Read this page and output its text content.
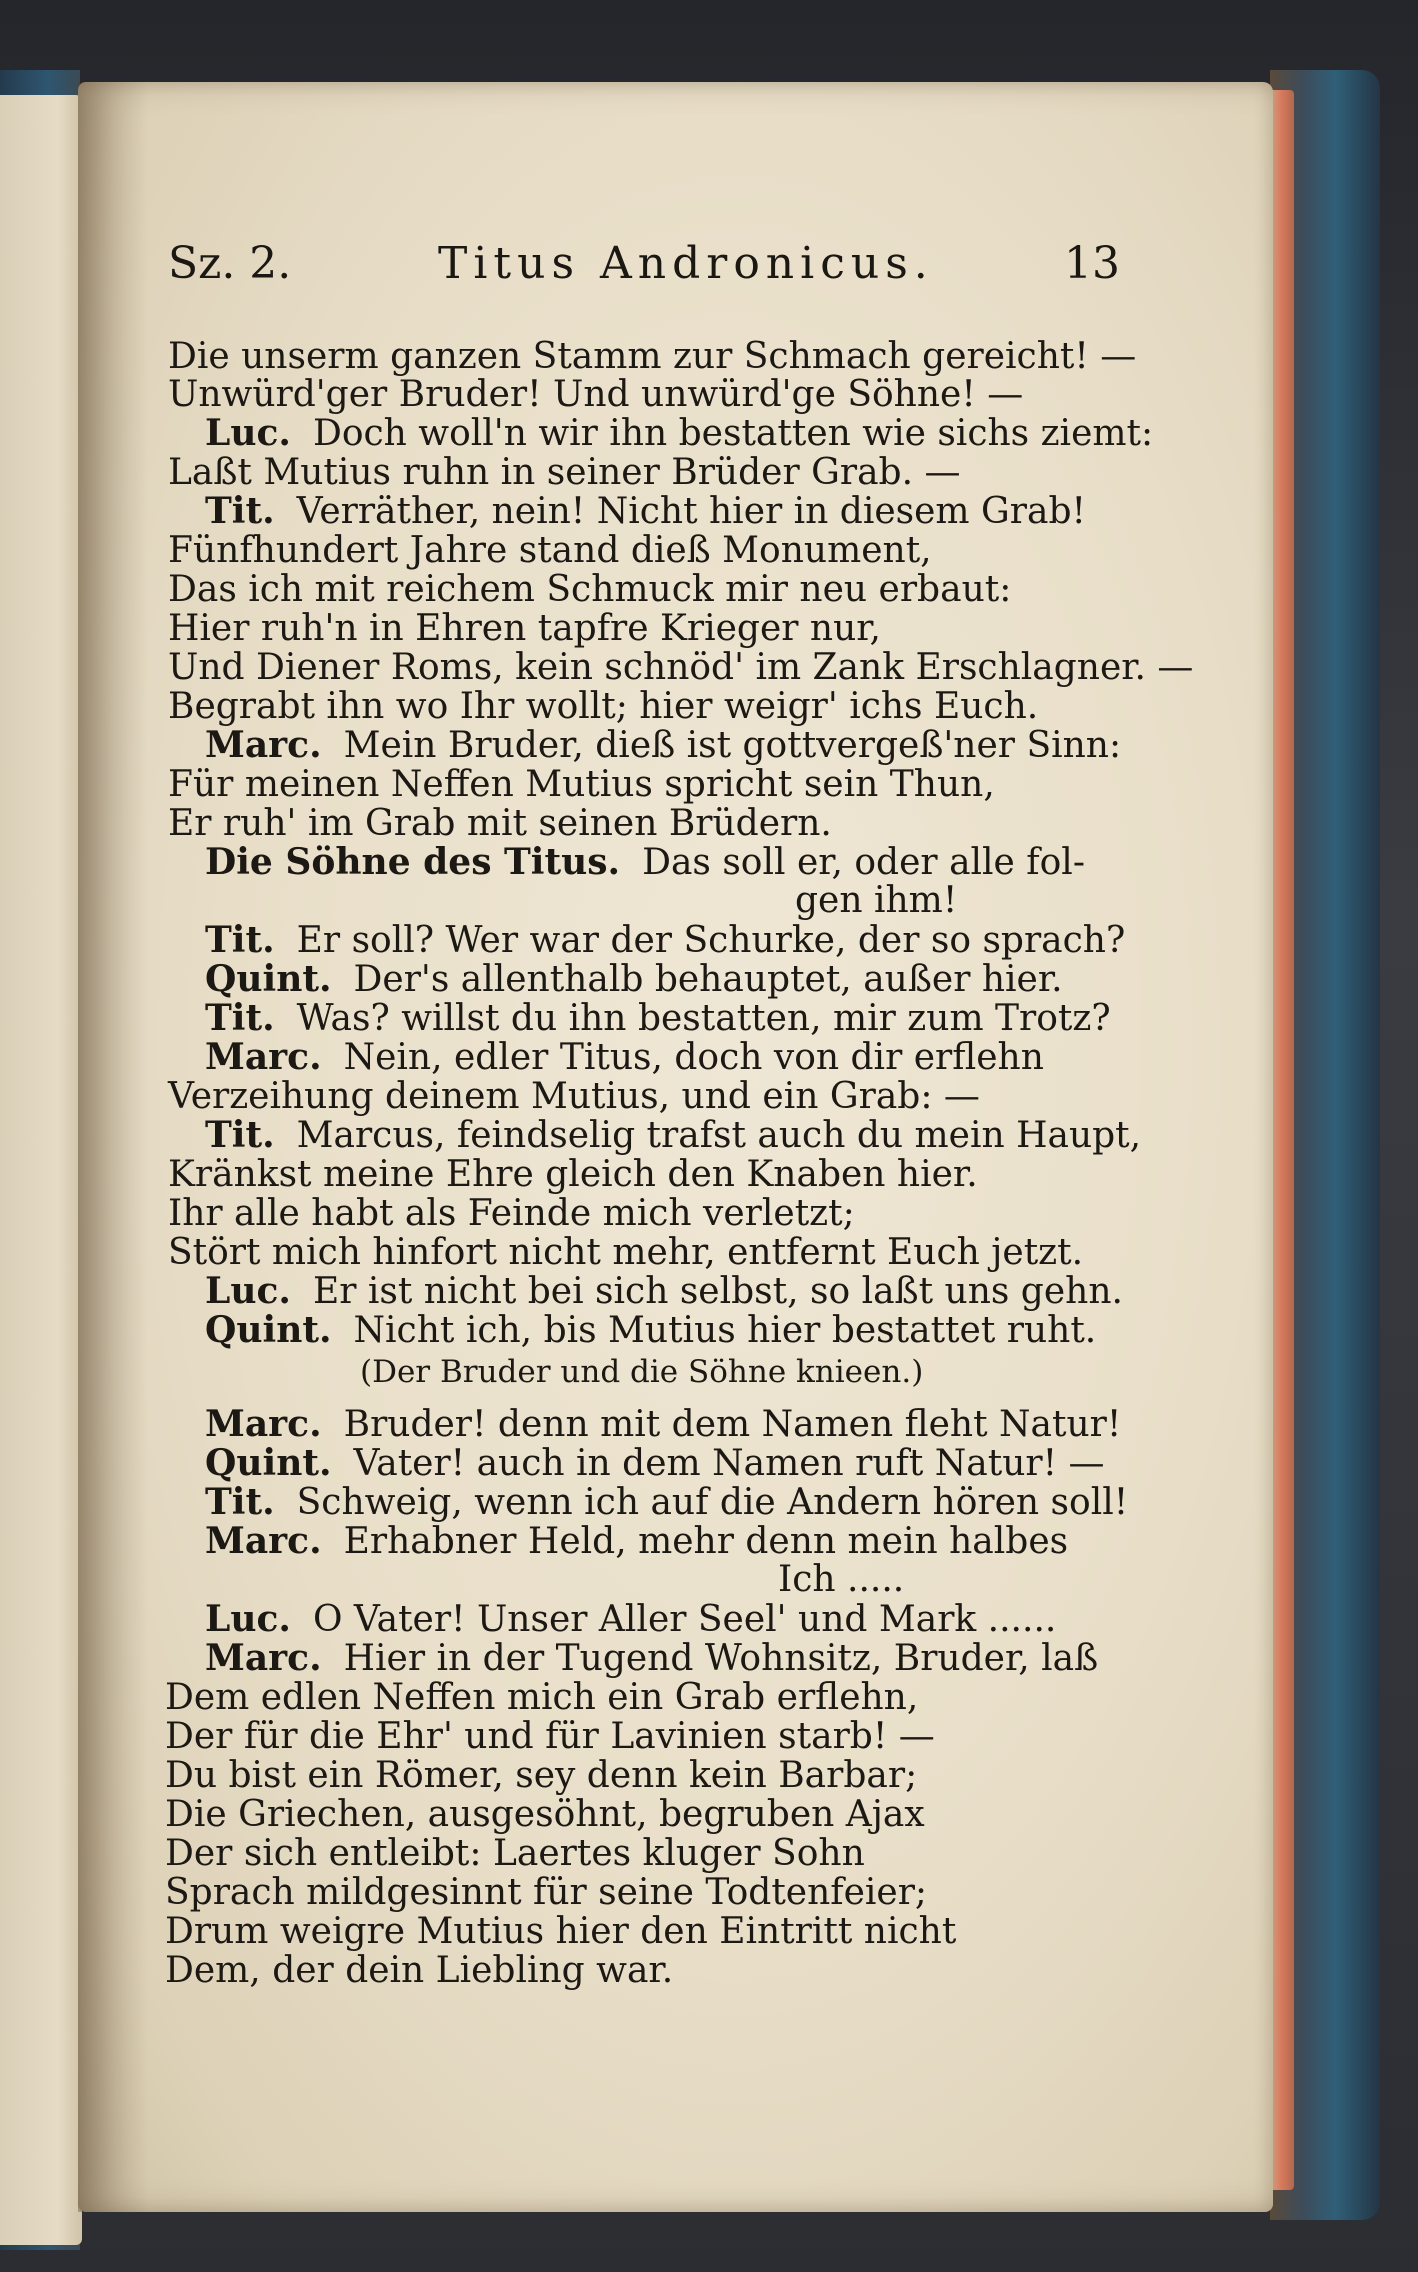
Sz. 2.	Titus Andronicus.	13
Die unserm ganzen Stamm zur Schmach gereicht! —
Unwürd'ger Bruder! Und unwürd'ge Söhne! —
Luc. Doch woll'n wir ihn bestatten wie sichs ziemt:
Laßt Mutius ruhn in seiner Brüder Grab. —
Tit. Verräther, nein! Nicht hier in diesem Grab!
Fünfhundert Jahre stand dieß Monument,
Das ich mit reichem Schmuck mir neu erbaut:
Hier ruh'n in Ehren tapfre Krieger nur,
Und Diener Roms, kein schnöd' im Zank Erschlagner. —
Begrabt ihn wo Ihr wollt; hier weigr' ichs Euch.
Marc. Mein Bruder, dieß ist gottvergeß'ner Sinn:
Für meinen Neffen Mutius spricht sein Thun,
Er ruh' im Grab mit seinen Brüdern.
Die Söhne des Titus. Das soll er, oder alle fol-
gen ihm!
Tit. Er soll? Wer war der Schurke, der so sprach?
Quint. Der's allenthalb behauptet, außer hier.
Tit. Was? willst du ihn bestatten, mir zum Trotz?
Marc. Nein, edler Titus, doch von dir erflehn
Verzeihung deinem Mutius, und ein Grab: —
Tit. Marcus, feindselig trafst auch du mein Haupt,
Kränkst meine Ehre gleich den Knaben hier.
Ihr alle habt als Feinde mich verletzt;
Stört mich hinfort nicht mehr, entfernt Euch jetzt.
Luc. Er ist nicht bei sich selbst, so laßt uns gehn.
Quint. Nicht ich, bis Mutius hier bestattet ruht.
(Der Bruder und die Söhne knieen.)
Marc. Bruder! denn mit dem Namen fleht Natur!
Quint. Vater! auch in dem Namen ruft Natur! —
Tit. Schweig, wenn ich auf die Andern hören soll!
Marc. Erhabner Held, mehr denn mein halbes
Ich .....
Luc. O Vater! Unser Aller Seel' und Mark ......
Marc. Hier in der Tugend Wohnsitz, Bruder, laß
Dem edlen Neffen mich ein Grab erflehn,
Der für die Ehr' und für Lavinien starb! —
Du bist ein Römer, sey denn kein Barbar;
Die Griechen, ausgesöhnt, begruben Ajax
Der sich entleibt: Laertes kluger Sohn
Sprach mildgesinnt für seine Todtenfeier;
Drum weigre Mutius hier den Eintritt nicht
Dem, der dein Liebling war.
